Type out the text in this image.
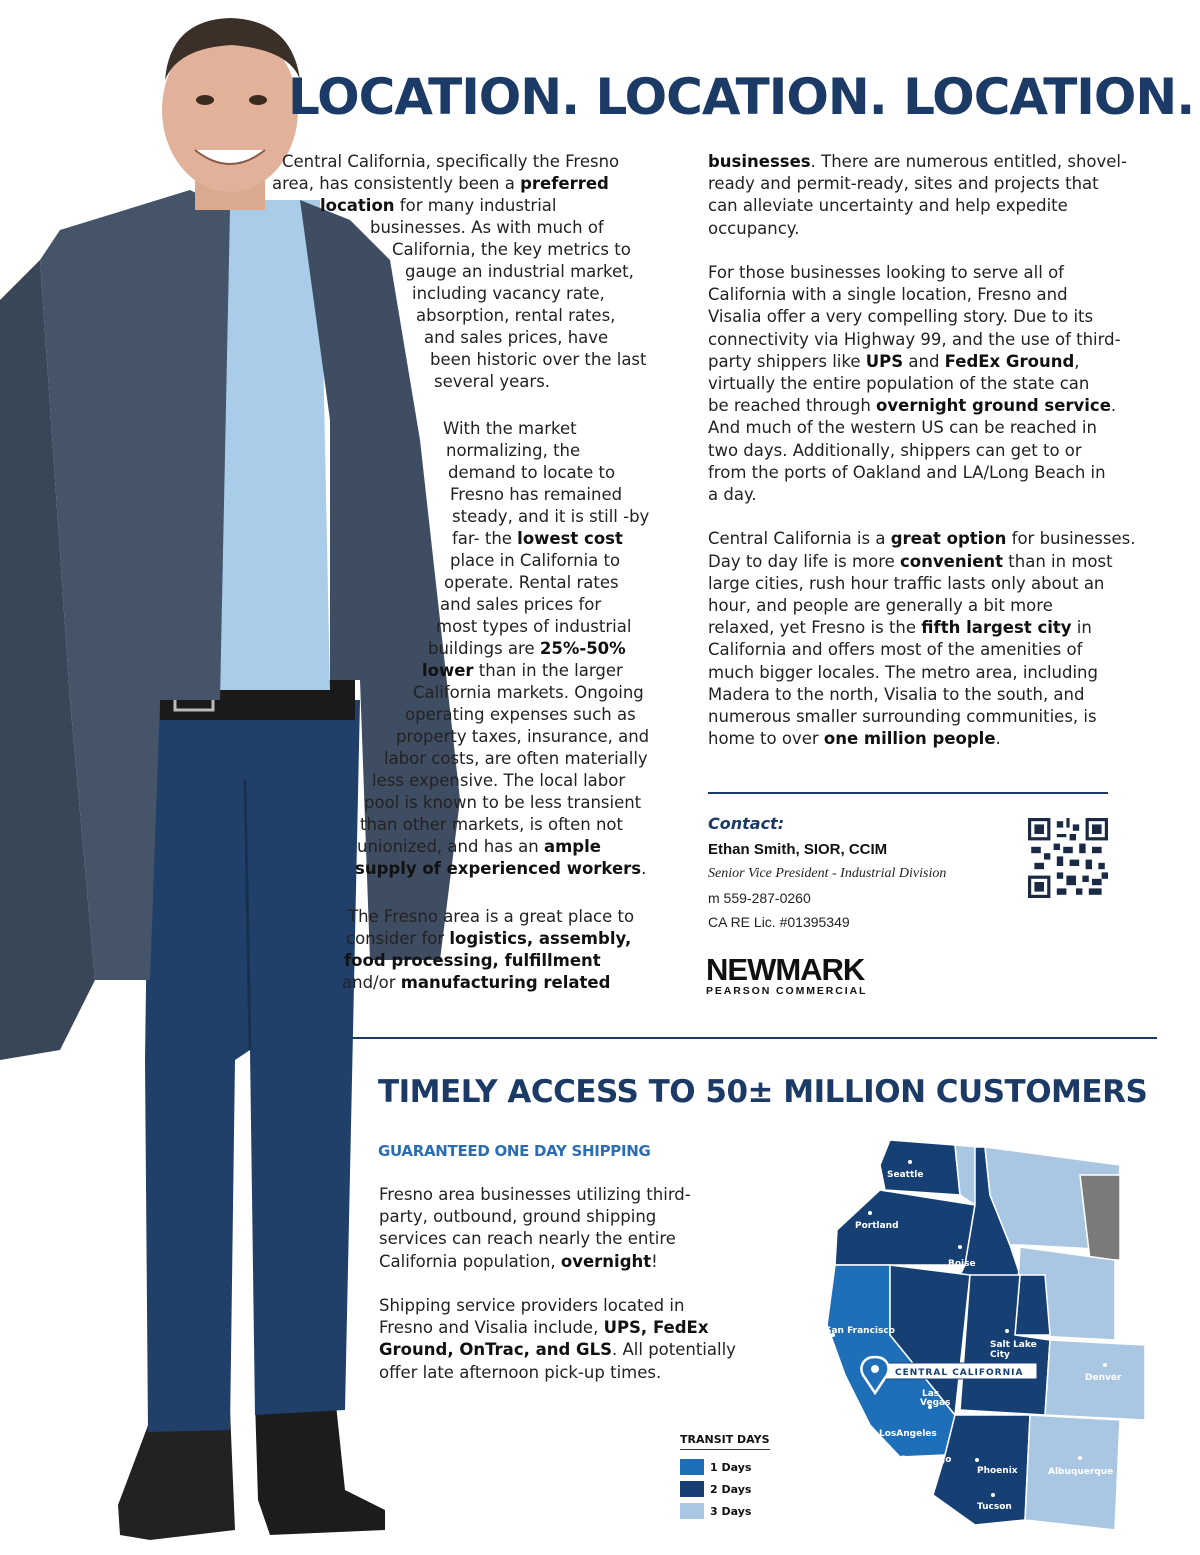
LOCATION. LOCATION. LOCATION.
Central California, specifically the Fresno
area, has consistently been a preferred
location for many industrial
businesses. As with much of
California, the key metrics to
gauge an industrial market,
including vacancy rate,
absorption, rental rates,
and sales prices, have
been historic over the last
several years.
With the market
normalizing, the
demand to locate to
Fresno has remained
steady, and it is still -by
far- the lowest cost
place in California to
operate. Rental rates
and sales prices for
most types of industrial
buildings are 25%-50%
lower than in the larger
California markets. Ongoing
operating expenses such as
property taxes, insurance, and
labor costs, are often materially
less expensive. The local labor
pool is known to be less transient
than other markets, is often not
unionized, and has an ample
supply of experienced workers.
The Fresno area is a great place to
consider for logistics, assembly,
food processing, fulfillment
and/or manufacturing related
businesses. There are numerous entitled, shovel-
ready and permit-ready, sites and projects that
can alleviate uncertainty and help expedite
occupancy.
For those businesses looking to serve all of
California with a single location, Fresno and
Visalia offer a very compelling story. Due to its
connectivity via Highway 99, and the use of third-
party shippers like UPS and FedEx Ground,
virtually the entire population of the state can
be reached through overnight ground service.
And much of the western US can be reached in
two days. Additionally, shippers can get to or
from the ports of Oakland and LA/Long Beach in
a day.
Central California is a great option for businesses.
Day to day life is more convenient than in most
large cities, rush hour traffic lasts only about an
hour, and people are generally a bit more
relaxed, yet Fresno is the fifth largest city in
California and offers most of the amenities of
much bigger locales. The metro area, including
Madera to the north, Visalia to the south, and
numerous smaller surrounding communities, is
home to over one million people.
Contact:
Ethan Smith, SIOR, CCIM
Senior Vice President - Industrial Division
m 559-287-0260
CA RE Lic. #01395349
NEWMARK
PEARSON COMMERCIAL
TIMELY ACCESS TO 50± MILLION CUSTOMERS
GUARANTEED ONE DAY SHIPPING
Fresno area businesses utilizing third-
party, outbound, ground shipping
services can reach nearly the entire
California population, overnight!
Shipping service providers located in
Fresno and Visalia include, UPS, FedEx
Ground, OnTrac, and GLS. All potentially
offer late afternoon pick-up times.
TRANSIT DAYS
1 Days
2 Days
3 Days
Seattle
Portland
Boise
San Francisco
Salt Lake
City
Denver
Las
Vegas
LosAngeles
San Diego
Phoenix	Albuquerque
Tucson
CENTRAL CALIFORNIA
